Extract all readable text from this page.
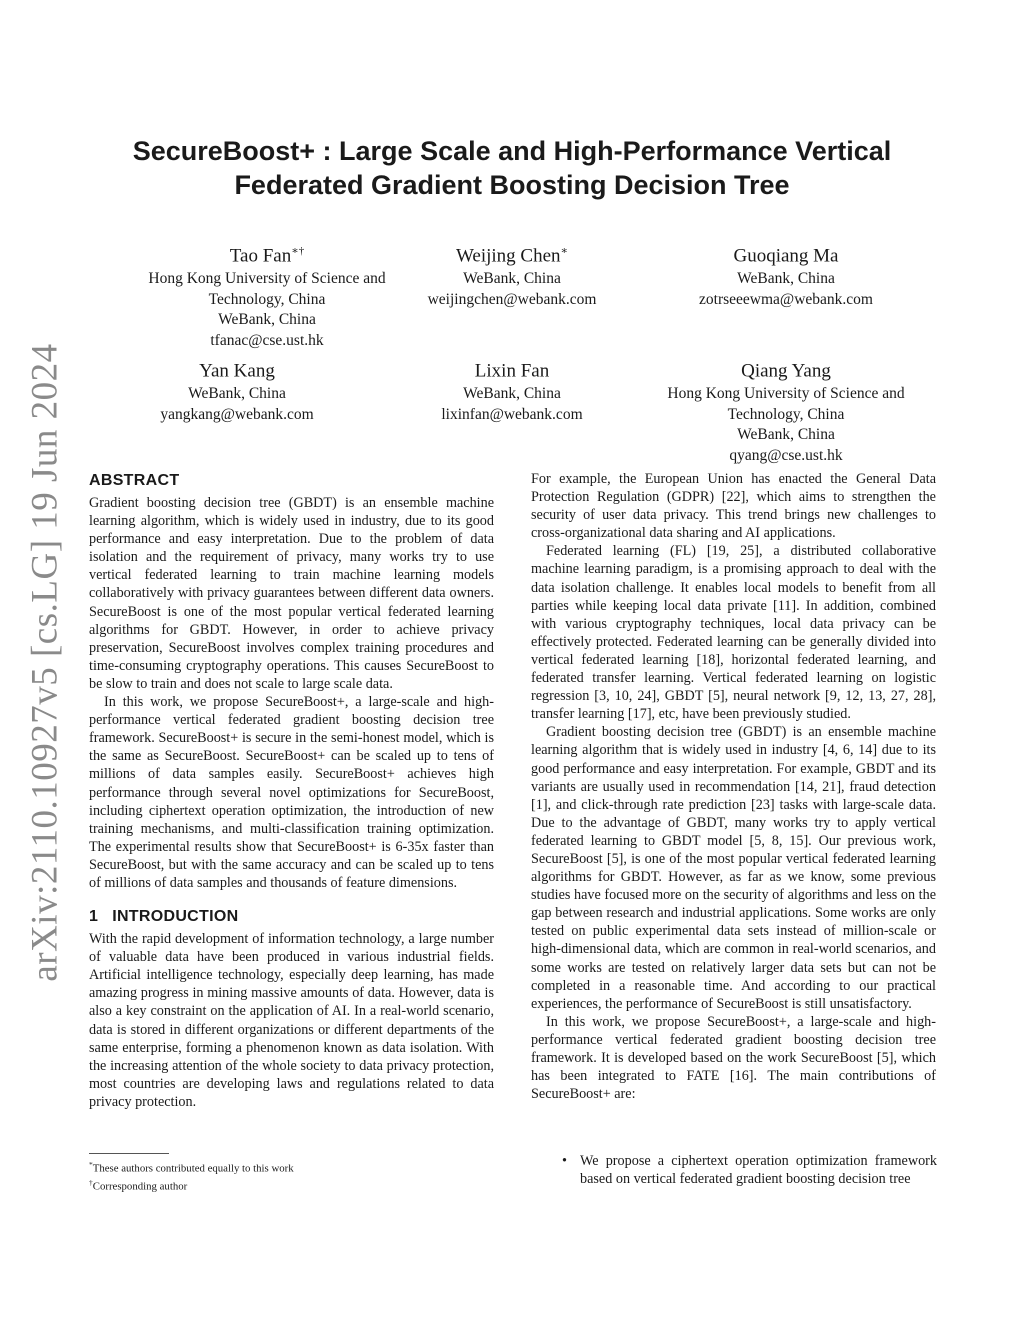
arXiv:2110.10927v5 [cs.LG] 19 Jun 2024
SecureBoost+ : Large Scale and High-Performance Vertical
Federated Gradient Boosting Decision Tree
Tao Fan∗†
Hong Kong University of Science and
Technology, China
WeBank, China
tfanac@cse.ust.hk
Weijing Chen∗
WeBank, China
weijingchen@webank.com
Guoqiang Ma
WeBank, China
zotrseeewma@webank.com
Yan Kang
WeBank, China
yangkang@webank.com
Lixin Fan
WeBank, China
lixinfan@webank.com
Qiang Yang
Hong Kong University of Science and
Technology, China
WeBank, China
qyang@cse.ust.hk
ABSTRACT

Gradient boosting decision tree (GBDT) is an ensemble machine learning algorithm, which is widely used in industry, due to its good performance and easy interpretation. Due to the problem of data isolation and the requirement of privacy, many works try to use vertical federated learning to train machine learning models collaboratively with privacy guarantees between different data owners. SecureBoost is one of the most popular vertical federated learning algorithms for GBDT. However, in order to achieve privacy preservation, SecureBoost involves complex training procedures and time-consuming cryptography operations. This causes SecureBoost to be slow to train and does not scale to large scale data.

In this work, we propose SecureBoost+, a large-scale and high-performance vertical federated gradient boosting decision tree framework. SecureBoost+ is secure in the semi-honest model, which is the same as SecureBoost. SecureBoost+ can be scaled up to tens of millions of data samples easily. SecureBoost+ achieves high performance through several novel optimizations for SecureBoost, including ciphertext operation optimization, the introduction of new training mechanisms, and multi-classification training optimization. The experimental results show that SecureBoost+ is 6-35x faster than SecureBoost, but with the same accuracy and can be scaled up to tens of millions of data samples and thousands of feature dimensions.

1 INTRODUCTION

With the rapid development of information technology, a large number of valuable data have been produced in various industrial fields. Artificial intelligence technology, especially deep learning, has made amazing progress in mining massive amounts of data. However, data is also a key constraint on the application of AI. In a real-world scenario, data is stored in different organizations or different departments of the same enterprise, forming a phenomenon known as data isolation. With the increasing attention of the whole society to data privacy protection, most countries are developing laws and regulations related to data privacy protection.

*These authors contributed equally to this work
†Corresponding author

For example, the European Union has enacted the General Data Protection Regulation (GDPR) [22], which aims to strengthen the security of user data privacy. This trend brings new challenges to cross-organizational data sharing and AI applications.

Federated learning (FL) [19, 25], a distributed collaborative machine learning paradigm, is a promising approach to deal with the data isolation challenge. It enables local models to benefit from all parties while keeping local data private [11]. In addition, combined with various cryptography techniques, local data privacy can be effectively protected. Federated learning can be generally divided into vertical federated learning [18], horizontal federated learning, and federated transfer learning. Vertical federated learning on logistic regression [3, 10, 24], GBDT [5], neural network [9, 12, 13, 27, 28], transfer learning [17], etc, have been previously studied.

Gradient boosting decision tree (GBDT) is an ensemble machine learning algorithm that is widely used in industry [4, 6, 14] due to its good performance and easy interpretation. For example, GBDT and its variants are usually used in recommendation [14, 21], fraud detection [1], and click-through rate prediction [23] tasks with large-scale data. Due to the advantage of GBDT, many works try to apply vertical federated learning to GBDT model [5, 8, 15]. Our previous work, SecureBoost [5], is one of the most popular vertical federated learning algorithms for GBDT. However, as far as we know, some previous studies have focused more on the security of algorithms and less on the gap between research and industrial applications. Some works are only tested on public experimental data sets instead of million-scale or high-dimensional data, which are common in real-world scenarios, and some works are tested on relatively larger data sets but can not be completed in a reasonable time. And according to our practical experiences, the performance of SecureBoost is still unsatisfactory.

In this work, we propose SecureBoost+, a large-scale and high-performance vertical federated gradient boosting decision tree framework. It is developed based on the work SecureBoost [5], which has been integrated to FATE [16]. The main contributions of SecureBoost+ are:

• We propose a ciphertext operation optimization framework based on vertical federated gradient boosting decision tree
